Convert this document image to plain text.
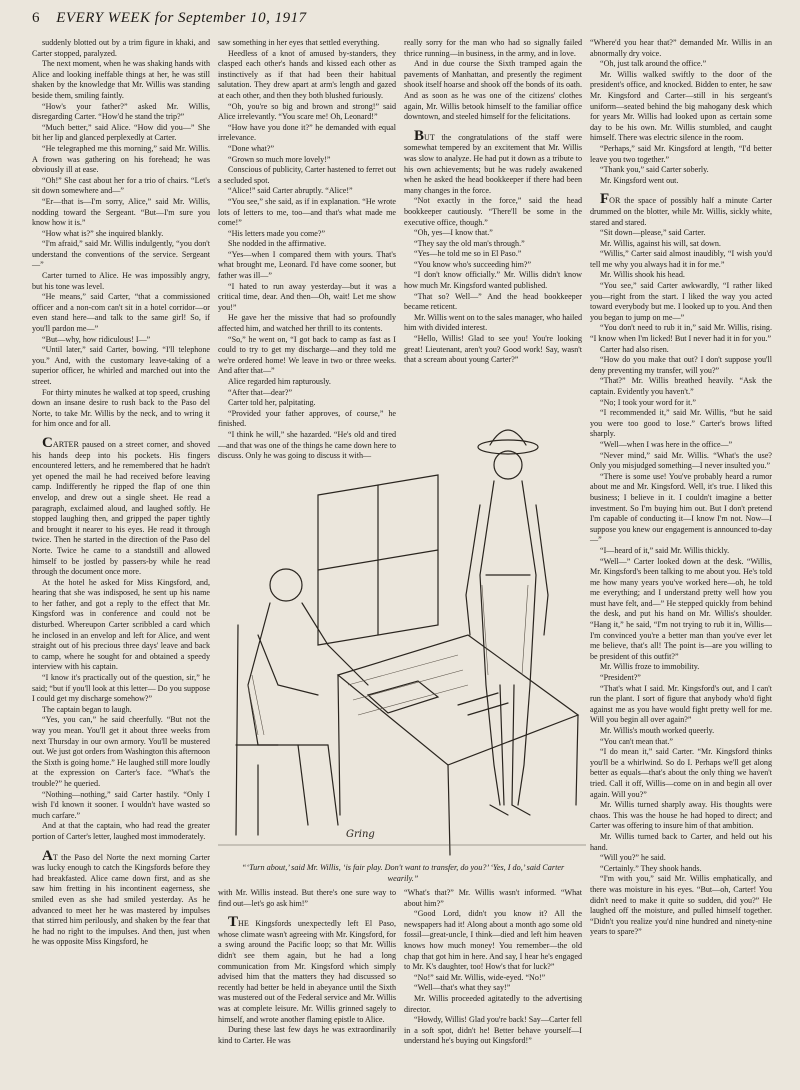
6 EVERY WEEK for September 10, 1917

suddenly blotted out by a trim figure in khaki, and Carter stopped, paralyzed.

The next moment, when he was shaking hands with Alice and looking ineffable things at her, he was still shaken by the knowledge that Mr. Willis was standing beside them, smiling faintly.

“How's your father?” asked Mr. Willis, disregarding Carter. “How'd he stand the trip?”

“Much better,” said Alice. “How did you—” She bit her lip and glanced perplexedly at Carter.

“He telegraphed me this morning,” said Mr. Willis. A frown was gathering on his forehead; he was obviously ill at ease.

“Oh!” She cast about her for a trio of chairs. “Let's sit down somewhere and—”

“Er—that is—I'm sorry, Alice,” said Mr. Willis, nodding toward the Sergeant. “But—I'm sure you know how it is.”

“How what is?” she inquired blankly.

“I'm afraid,” said Mr. Willis indulgently, “you don't understand the conventions of the service. Sergeant—”

Carter turned to Alice. He was impossibly angry, but his tone was level.

“He means,” said Carter, “that a commissioned officer and a non-com can't sit in a hotel corridor—or even stand here—and talk to the same girl! So, if you'll pardon me—”

“But—why, how ridiculous! I—”

“Until later,” said Carter, bowing. “I'll telephone you.” And, with the customary leave-taking of a superior officer, he whirled and marched out into the street.

For thirty minutes he walked at top speed, crushing down an insane desire to rush back to the Paso del Norte, to take Mr. Willis by the neck, and to wring it for him once and for all.

CARTER paused on a street corner, and shoved his hands deep into his pockets. His fingers encountered letters, and he remembered that he hadn't yet opened the mail he had received before leaving camp. Indifferently he ripped the flap of one thin envelop, and drew out a single sheet. He read a paragraph, exclaimed aloud, and laughed softly. He stopped laughing then, and gripped the paper tightly and brought it nearer to his eyes. He read it through twice. Then he started in the direction of the Paso del Norte. Twice he came to a standstill and allowed himself to be jostled by passers-by while he read through the document once more.

At the hotel he asked for Miss Kingsford, and, hearing that she was indisposed, he sent up his name to her father, and got a reply to the effect that Mr. Kingsford was in conference and could not be disturbed. Whereupon Carter scribbled a card which he inclosed in an envelop and left for Alice, and went straight out of his precious three days' leave and back to camp, where he sought for and obtained a speedy interview with his captain.

“I know it's practically out of the question, sir,” he said; “but if you'll look at this letter— Do you suppose I could get my discharge somehow?”

The captain began to laugh.

“Yes, you can,” he said cheerfully. “But not the way you mean. You'll get it about three weeks from next Thursday in our own armory. You'll be mustered out. We just got orders from Washington this afternoon the Sixth is going home.” He laughed still more loudly at the expression on Carter's face. “What's the trouble?” he queried.

“Nothing—nothing,” said Carter hastily. “Only I wish I'd known it sooner. I wouldn't have wasted so much carfare.”

And at that the captain, who had read the greater portion of Carter's letter, laughed most immoderately.

AT the Paso del Norte the next morning Carter was lucky enough to catch the Kingsfords before they had breakfasted. Alice came down first, and as she saw him fretting in his incontinent eagerness, she smiled even as she had smiled yesterday. As he advanced to meet her he was mastered by impulses that stirred him perilously, and shaken by the fear that he had no right to the impulses. And then, just when he was opposite Miss Kingsford, he

saw something in her eyes that settled everything.

Heedless of a knot of amused by-standers, they clasped each other's hands and kissed each other as instinctively as if that had been their habitual salutation. They drew apart at arm's length and gazed at each other, and then they both blushed furiously.

“Oh, you're so big and brown and strong!” said Alice irrelevantly. “You scare me! Oh, Leonard!”

“How have you done it?” he demanded with equal irrelevance.

“Done what?”

“Grown so much more lovely!”

Conscious of publicity, Carter hastened to ferret out a secluded spot.

“Alice!” said Carter abruptly. “Alice!”

“You see,” she said, as if in explanation. “He wrote lots of letters to me, too—and that's what made me come!”

“His letters made you come?”

She nodded in the affirmative.

“Yes—when I compared them with yours. That's what brought me, Leonard. I'd have come sooner, but father was ill—”

“I hated to run away yesterday—but it was a critical time, dear. And then—Oh, wait! Let me show you!”

He gave her the missive that had so profoundly affected him, and watched her thrill to its contents.

“So,” he went on, “I got back to camp as fast as I could to try to get my discharge—and they told me we're ordered home! We leave in two or three weeks. And after that—”

Alice regarded him rapturously.

“After that—dear?”

Carter told her, palpitating.

“Provided your father approves, of course,” he finished.

“I think he will,” she hazarded. “He's old and tired—and that was one of the things he came down here to discuss. Only he was going to discuss it with—

really sorry for the man who had so signally failed thrice running—in business, in the army, and in love.

And in due course the Sixth tramped again the pavements of Manhattan, and presently the regiment shook itself hoarse and shook off the bonds of its oath. And as soon as he was one of the citizens' clothes again, Mr. Willis betook himself to the familiar office downtown, and steeled himself for the felicitations.

BUT the congratulations of the staff were somewhat tempered by an excitement that Mr. Willis was slow to analyze. He had put it down as a tribute to his own achievements; but he was rudely awakened when he asked the head bookkeeper if there had been many changes in the force.

“Not exactly in the force,” said the head bookkeeper cautiously. “There'll be some in the executive office, though.”

“Oh, yes—I know that.”

“They say the old man's through.”

“Yes—he told me so in El Paso.”

“You know who's succeeding him?”

“I don't know officially.” Mr. Willis didn't know how much Mr. Kingsford wanted published.

“That so? Well—” And the head bookkeeper became reticent.

Mr. Willis went on to the sales manager, who hailed him with divided interest.

“Hello, Willis! Glad to see you! You're looking great! Lieutenant, aren't you? Good work! Say, wasn't that a scream about young Carter?”

“Where'd you hear that?” demanded Mr. Willis in an abnormally dry voice.

“Oh, just talk around the office.”

Mr. Willis walked swiftly to the door of the president's office, and knocked. Bidden to enter, he saw Mr. Kingsford and Carter—still in his sergeant's uniform—seated behind the big mahogany desk which for years Mr. Willis had looked upon as certain some day to be his own. Mr. Willis stumbled, and caught himself. There was electric silence in the room.

“Perhaps,” said Mr. Kingsford at length, “I'd better leave you two together.”

“Thank you,” said Carter soberly.

Mr. Kingsford went out.

FOR the space of possibly half a minute Carter drummed on the blotter, while Mr. Willis, sickly white, stared and stared.

“Sit down—please,” said Carter.

Mr. Willis, against his will, sat down.

“Willis,” Carter said almost inaudibly, “I wish you'd tell me why you always had it in for me.”

Mr. Willis shook his head.

“You see,” said Carter awkwardly, “I rather liked you—right from the start. I liked the way you acted toward everybody but me. I looked up to you. And then you began to jump on me—”

“You don't need to rub it in,” said Mr. Willis, rising. “I know when I'm licked! But I never had it in for you.”

Carter had also risen.

“How do you make that out? I don't suppose you'll deny preventing my transfer, will you?”

“That?” Mr. Willis breathed heavily. “Ask the captain. Evidently you haven't.”

“No; I took your word for it.”

“I recommended it,” said Mr. Willis, “but he said you were too good to lose.” Carter's brows lifted sharply.

“Well—when I was here in the office—”

“Never mind,” said Mr. Willis. “What's the use? Only you misjudged something—I never insulted you.”

“There is some use! You've probably heard a rumor about me and Mr. Kingsford. Well, it's true. I liked this business; I believe in it. I couldn't imagine a better investment. So I'm buying him out. But I don't pretend I'm capable of conducting it—I know I'm not. Now—I suppose you knew our engagement is announced to-day—”

“I—heard of it,” said Mr. Willis thickly.

“Well—” Carter looked down at the desk. “Willis, Mr. Kingsford's been talking to me about you. He's told me how many years you've worked here—oh, he told me everything; and I understand pretty well how you must have felt, and—” He stepped quickly from behind the desk, and put his hand on Mr. Willis's shoulder. “Hang it,” he said, “I'm not trying to rub it in, Willis—I'm convinced you're a better man than you've ever let me believe, that's all! The point is—are you willing to be president of this outfit?”

Mr. Willis froze to immobility.

“President?”

“That's what I said. Mr. Kingsford's out, and I can't run the plant. I sort of figure that anybody who'd fight against me as you have would fight pretty well for me. Will you begin all over again?”

Mr. Willis's mouth worked queerly.

“You can't mean that.”

“I do mean it,” said Carter. “Mr. Kingsford thinks you'll be a whirlwind. So do I. Perhaps we'll get along better as equals—that's about the only thing we haven't tried. Call it off, Willis—come on in and begin all over again. Will you?”

Mr. Willis turned sharply away. His thoughts were chaos. This was the house he had hoped to direct; and Carter was offering to insure him of that ambition.

Mr. Willis turned back to Carter, and held out his hand.

“Will you?” he said.

“Certainly.” They shook hands.

“I'm with you,” said Mr. Willis emphatically, and there was moisture in his eyes. “But—oh, Carter! You didn't need to make it quite so sudden, did you?” He laughed off the moisture, and pulled himself together. “Didn't you realize you'd nine hundred and ninety-nine years to spare?”

with Mr. Willis instead. But there's one sure way to find out—let's go ask him!”

THE Kingsfords unexpectedly left El Paso, whose climate wasn't agreeing with Mr. Kingsford, for a swing around the Pacific loop; so that Mr. Willis didn't see them again, but he had a long communication from Mr. Kingsford which simply advised him that the matters they had discussed so recently had better be held in abeyance until the Sixth was mustered out of the Federal service and Mr. Willis was at complete leisure. Mr. Willis grinned sagely to himself, and wrote another flaming epistle to Alice.

During these last few days he was extraordinarily kind to Carter. He was

“What's that?” Mr. Willis wasn't informed. “What about him?”

“Good Lord, didn't you know it? All the newspapers had it! Along about a month ago some old fossil—great-uncle, I think—died and left him heaven knows how much money! You remember—the old chap that got him in here. And say, I hear he's engaged to Mr. K's daughter, too! How's that for luck?”

“No!” said Mr. Willis, wide-eyed. “No!”

“Well—that's what they say!”

Mr. Willis proceeded agitatedly to the advertising director.

“Howdy, Willis! Glad you're back! Say—Carter fell in a soft spot, didn't he! Better behave yourself—I understand he's buying out Kingsford!”

Gring
“‘Turn about,’ said Mr. Willis, ‘is fair play. Don't want to transfer, do you?’ ‘Yes, I do,’ said Carter wearily.”
